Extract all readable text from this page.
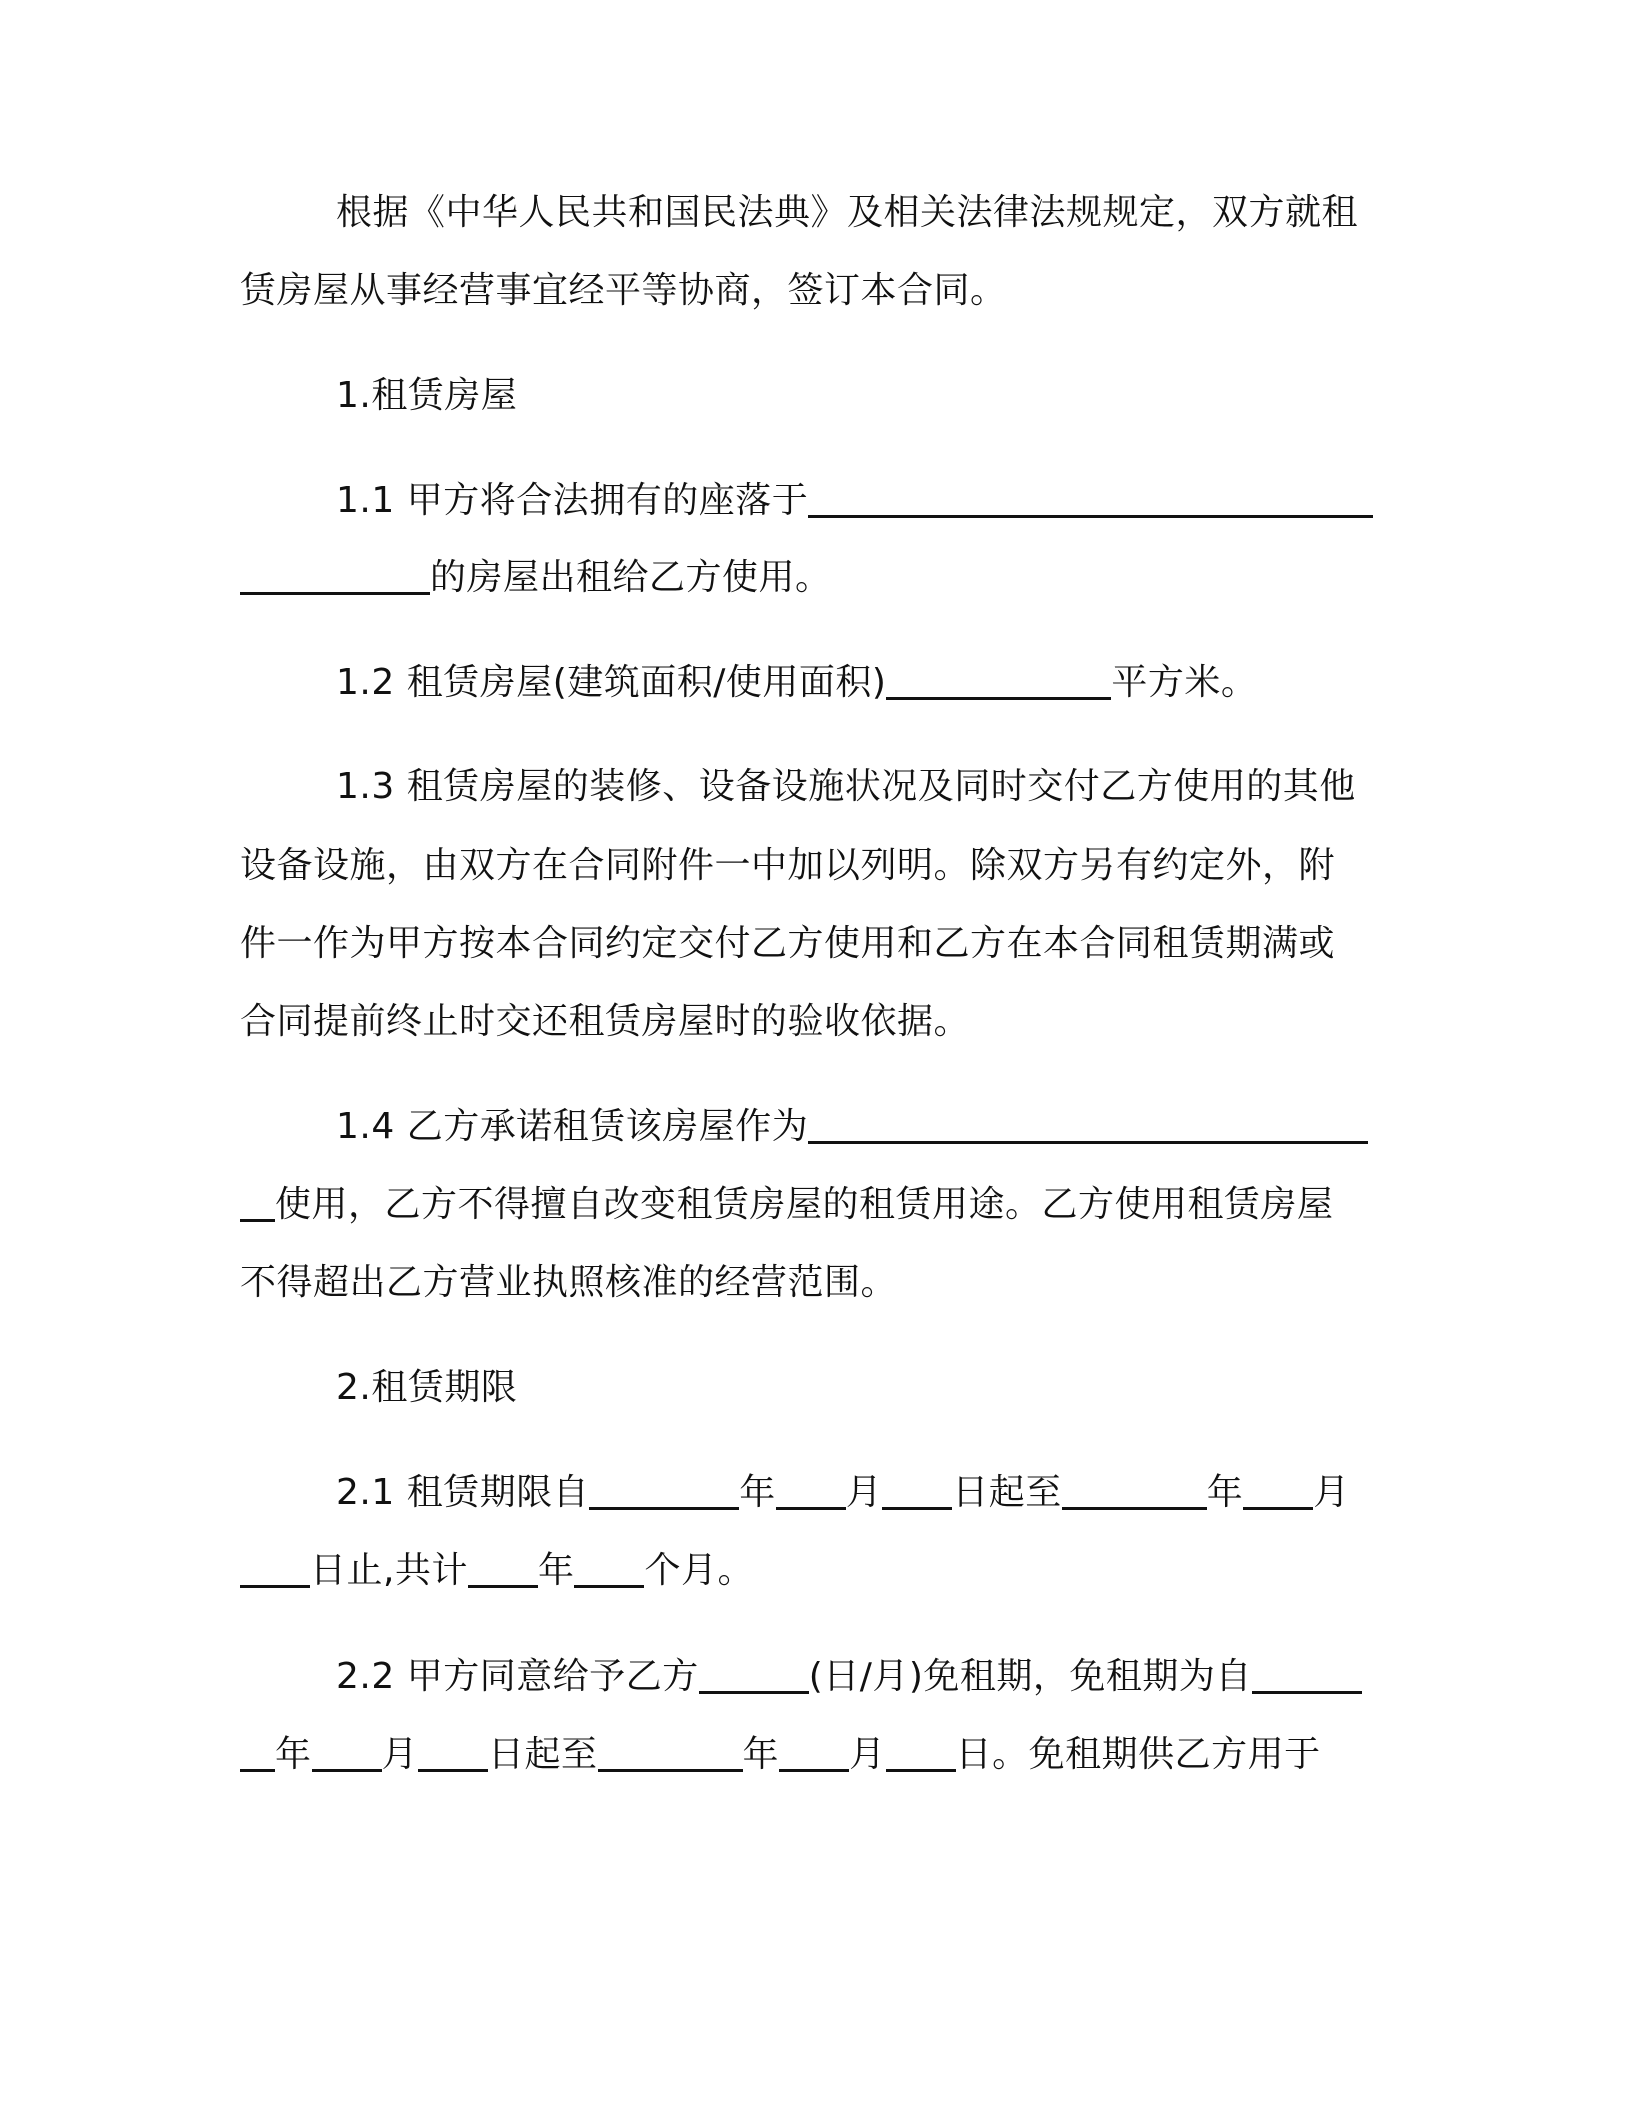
根据《中华人民共和国民法典》及相关法律法规规定，双方就租
赁房屋从事经营事宜经平等协商，签订本合同。
1.租赁房屋
1.1 甲方将合法拥有的座落于
的房屋出租给乙方使用。
1.2 租赁房屋(建筑面积/使用面积)	平方米。
1.3 租赁房屋的装修、设备设施状况及同时交付乙方使用的其他
设备设施，由双方在合同附件一中加以列明。除双方另有约定外，附
件一作为甲方按本合同约定交付乙方使用和乙方在本合同租赁期满或
合同提前终止时交还租赁房屋时的验收依据。
1.4 乙方承诺租赁该房屋作为
使用，乙方不得擅自改变租赁房屋的租赁用途。乙方使用租赁房屋
不得超出乙方营业执照核准的经营范围。
2.租赁期限
2.1 租赁期限自	年 月 日起至	年 月
日止,共计 年 个月。
2.2 甲方同意给予乙方	(日/月)免租期，免租期为自
年 月 日起至	年 月 日。免租期供乙方用于
